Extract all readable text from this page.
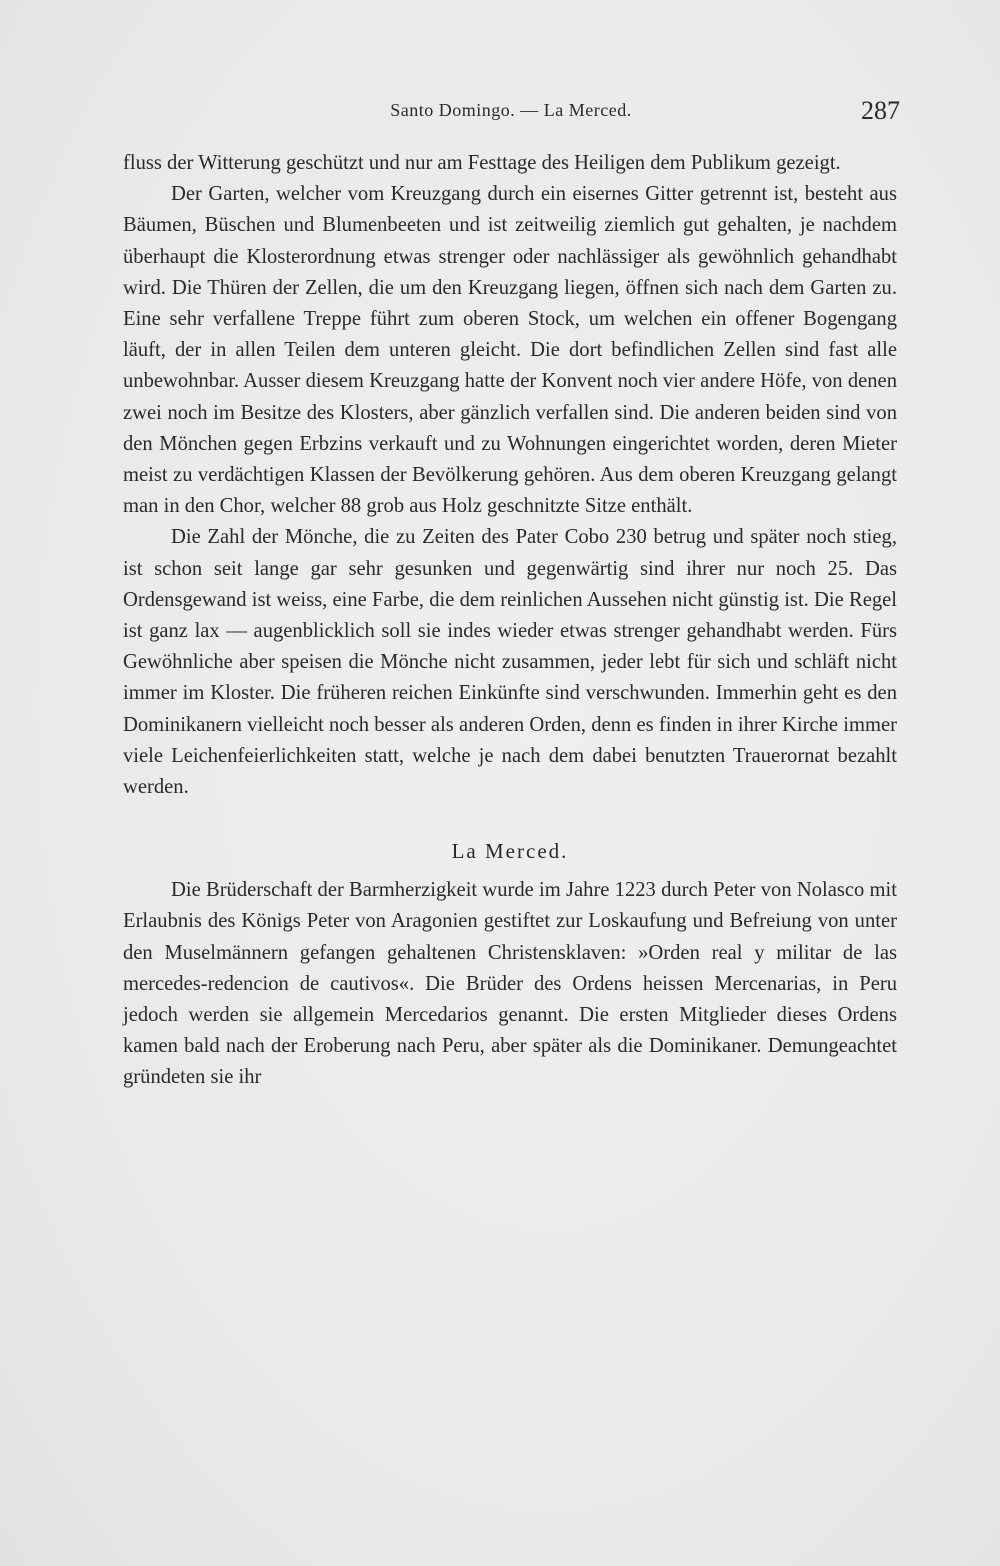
Santo Domingo. — La Merced.	287

fluss der Witterung geschützt und nur am Festtage des Heiligen dem Publikum gezeigt.

Der Garten, welcher vom Kreuzgang durch ein eisernes Gitter getrennt ist, besteht aus Bäumen, Büschen und Blumenbeeten und ist zeitweilig ziemlich gut gehalten, je nachdem überhaupt die Klosterordnung etwas strenger oder nachlässiger als gewöhnlich gehandhabt wird. Die Thüren der Zellen, die um den Kreuzgang liegen, öffnen sich nach dem Garten zu. Eine sehr verfallene Treppe führt zum oberen Stock, um welchen ein offener Bogengang läuft, der in allen Teilen dem unteren gleicht. Die dort befindlichen Zellen sind fast alle unbewohnbar. Ausser diesem Kreuzgang hatte der Konvent noch vier andere Höfe, von denen zwei noch im Besitze des Klosters, aber gänzlich verfallen sind. Die anderen beiden sind von den Mönchen gegen Erbzins verkauft und zu Wohnungen eingerichtet worden, deren Mieter meist zu verdächtigen Klassen der Bevölkerung gehören. Aus dem oberen Kreuzgang gelangt man in den Chor, welcher 88 grob aus Holz geschnitzte Sitze enthält.

Die Zahl der Mönche, die zu Zeiten des Pater Cobo 230 betrug und später noch stieg, ist schon seit lange gar sehr gesunken und gegenwärtig sind ihrer nur noch 25. Das Ordensgewand ist weiss, eine Farbe, die dem reinlichen Aussehen nicht günstig ist. Die Regel ist ganz lax — augenblicklich soll sie indes wieder etwas strenger gehandhabt werden. Fürs Gewöhnliche aber speisen die Mönche nicht zusammen, jeder lebt für sich und schläft nicht immer im Kloster. Die früheren reichen Einkünfte sind verschwunden. Immerhin geht es den Dominikanern vielleicht noch besser als anderen Orden, denn es finden in ihrer Kirche immer viele Leichenfeierlichkeiten statt, welche je nach dem dabei benutzten Trauerornat bezahlt werden.

La Merced.

Die Brüderschaft der Barmherzigkeit wurde im Jahre 1223 durch Peter von Nolasco mit Erlaubnis des Königs Peter von Aragonien gestiftet zur Loskaufung und Befreiung von unter den Muselmännern gefangen gehaltenen Christensklaven: »Orden real y militar de las mercedes-redencion de cautivos«. Die Brüder des Ordens heissen Mercenarias, in Peru jedoch werden sie allgemein Mercedarios genannt. Die ersten Mitglieder dieses Ordens kamen bald nach der Eroberung nach Peru, aber später als die Dominikaner. Demungeachtet gründeten sie ihr
